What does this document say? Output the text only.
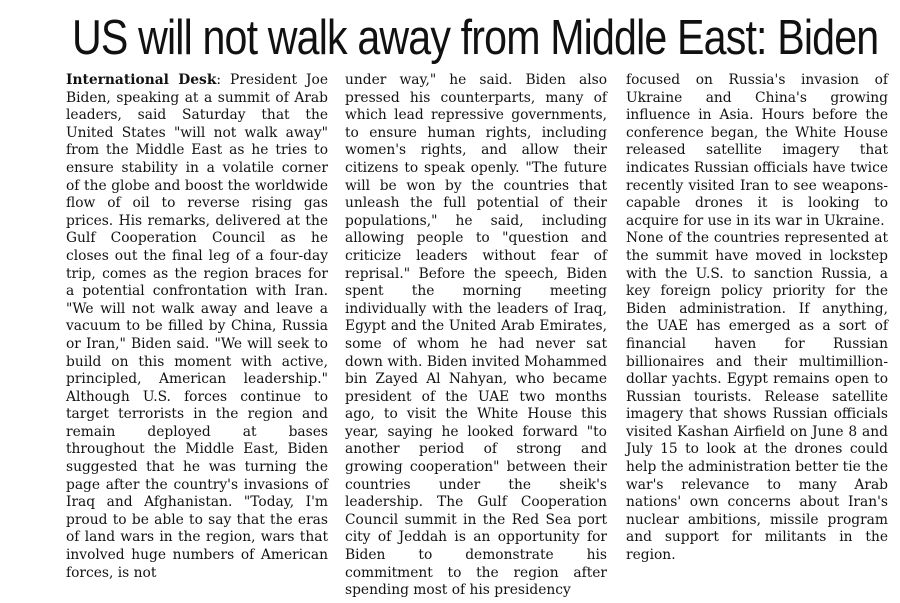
US will not walk away from Middle East: Biden

International Desk: President Joe Biden, speaking at a summit of Arab leaders, said Saturday that the United States "will not walk away" from the Middle East as he tries to ensure stability in a volatile corner of the globe and boost the worldwide flow of oil to reverse rising gas prices. His remarks, delivered at the Gulf Cooperation Council as he closes out the final leg of a four-day trip, comes as the region braces for a potential confrontation with Iran. "We will not walk away and leave a vacuum to be filled by China, Russia or Iran," Biden said. "We will seek to build on this moment with active, principled, American leadership." Although U.S. forces continue to target terrorists in the region and remain deployed at bases throughout the Middle East, Biden suggested that he was turning the page after the country's invasions of Iraq and Afghanistan. "Today, I'm proud to be able to say that the eras of land wars in the region, wars that involved huge numbers of American forces, is not

under way," he said. Biden also pressed his counterparts, many of which lead repressive governments, to ensure human rights, including women's rights, and allow their citizens to speak openly. "The future will be won by the countries that unleash the full potential of their populations," he said, including allowing people to "question and criticize leaders without fear of reprisal." Before the speech, Biden spent the morning meeting individually with the leaders of Iraq, Egypt and the United Arab Emirates, some of whom he had never sat down with. Biden invited Mohammed bin Zayed Al Nahyan, who became president of the UAE two months ago, to visit the White House this year, saying he looked forward "to another period of strong and growing cooperation" between their countries under the sheik's leadership. The Gulf Cooperation Council summit in the Red Sea port city of Jeddah is an opportunity for Biden to demonstrate his commitment to the region after spending most of his presidency

focused on Russia's invasion of Ukraine and China's growing influence in Asia. Hours before the conference began, the White House released satellite imagery that indicates Russian officials have twice recently visited Iran to see weapons-capable drones it is looking to acquire for use in its war in Ukraine.

None of the countries represented at the summit have moved in lockstep with the U.S. to sanction Russia, a key foreign policy priority for the Biden administration. If anything, the UAE has emerged as a sort of financial haven for Russian billionaires and their multimillion-dollar yachts. Egypt remains open to Russian tourists. Release satellite imagery that shows Russian officials visited Kashan Airfield on June 8 and July 15 to look at the drones could help the administration better tie the war's relevance to many Arab nations' own concerns about Iran's nuclear ambitions, missile program and support for militants in the region.
